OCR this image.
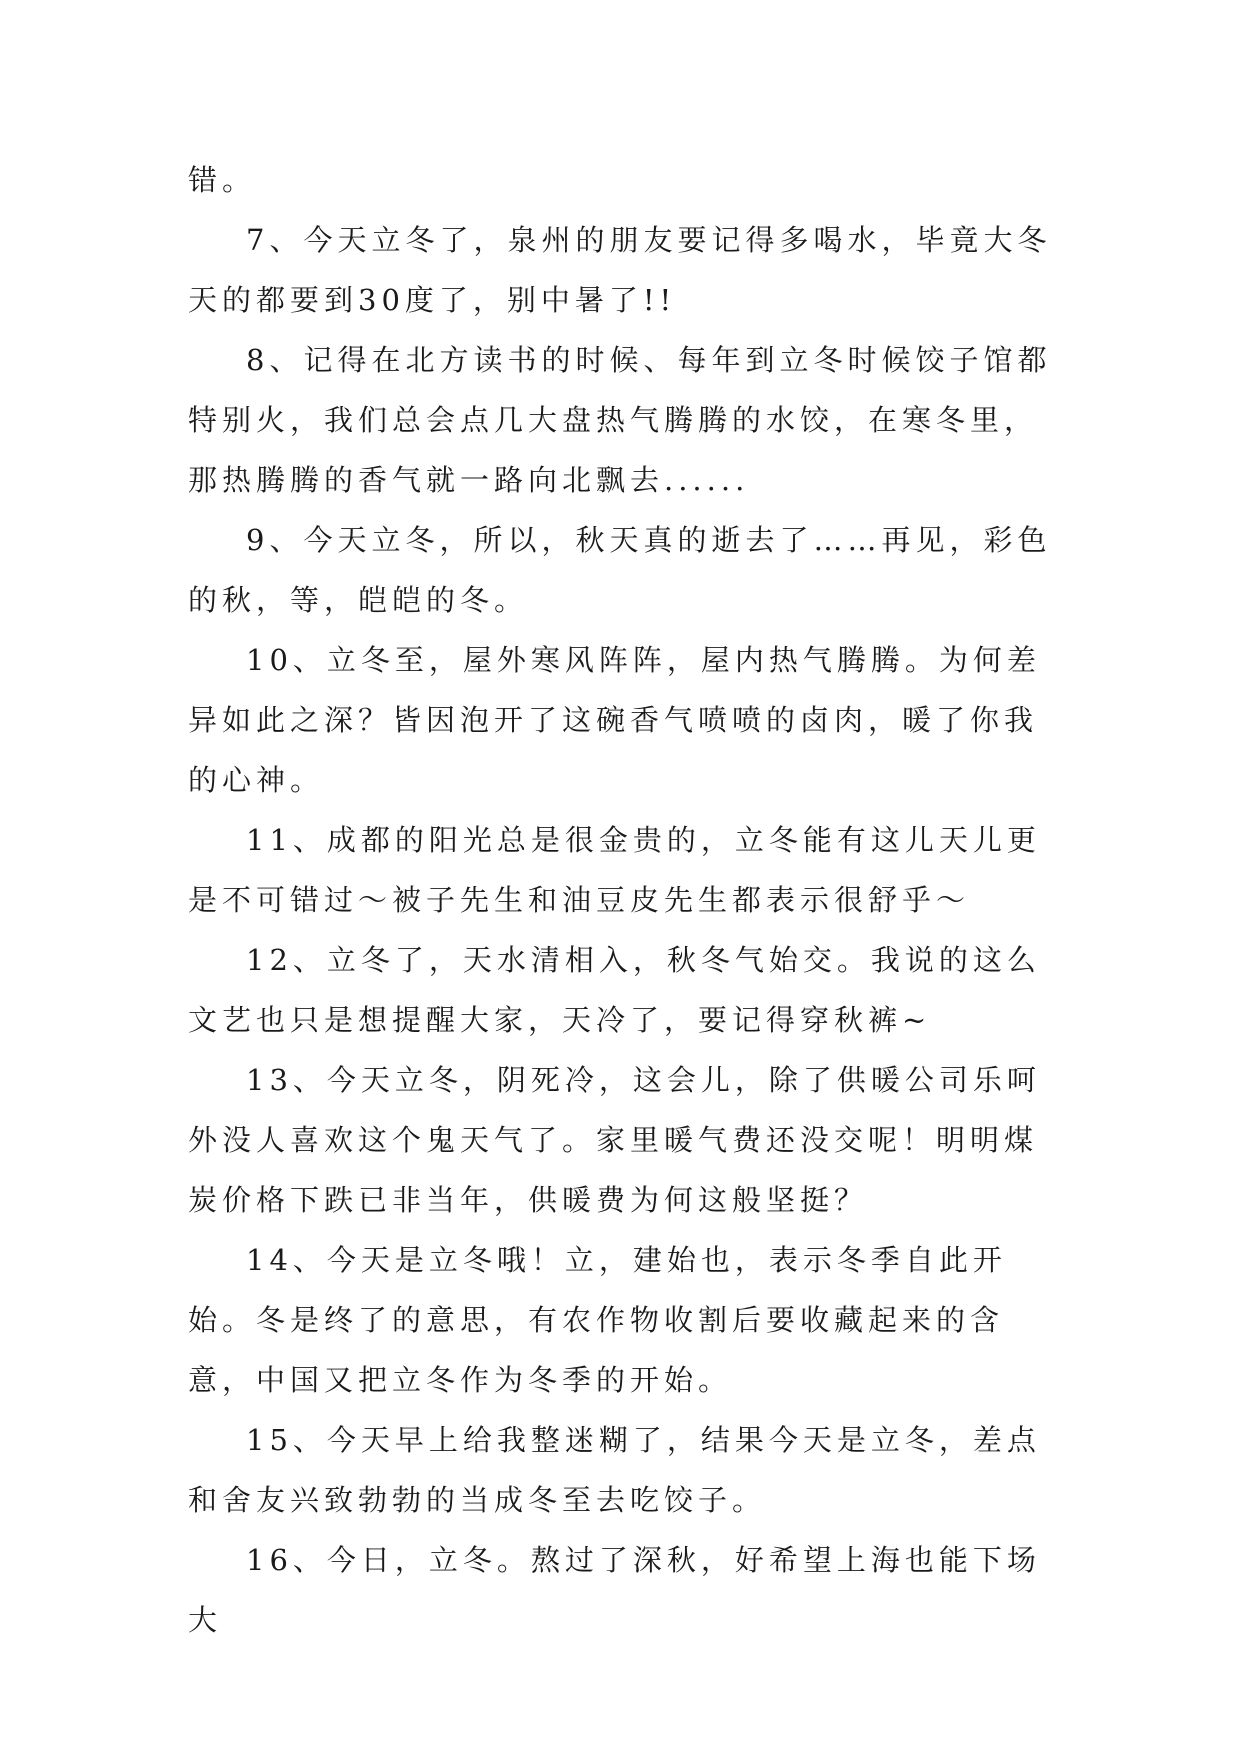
错。

7、今天立冬了，泉州的朋友要记得多喝水，毕竟大冬天的都要到30度了，别中暑了!!

8、记得在北方读书的时候、每年到立冬时候饺子馆都特别火，我们总会点几大盘热气腾腾的水饺，在寒冬里，那热腾腾的香气就一路向北飘去......

9、今天立冬，所以，秋天真的逝去了……再见，彩色的秋，等，皑皑的冬。

10、立冬至，屋外寒风阵阵，屋内热气腾腾。为何差异如此之深？皆因泡开了这碗香气喷喷的卤肉，暖了你我的心神。

11、成都的阳光总是很金贵的，立冬能有这儿天儿更是不可错过～被子先生和油豆皮先生都表示很舒乎～

12、立冬了，天水清相入，秋冬气始交。我说的这么文艺也只是想提醒大家，天冷了，要记得穿秋裤~

13、今天立冬，阴死冷，这会儿，除了供暖公司乐呵外没人喜欢这个鬼天气了。家里暖气费还没交呢！明明煤炭价格下跌已非当年，供暖费为何这般坚挺？

14、今天是立冬哦！立，建始也，表示冬季自此开始。冬是终了的意思，有农作物收割后要收藏起来的含意，中国又把立冬作为冬季的开始。

15、今天早上给我整迷糊了，结果今天是立冬，差点和舍友兴致勃勃的当成冬至去吃饺子。

16、今日，立冬。熬过了深秋，好希望上海也能下场大
